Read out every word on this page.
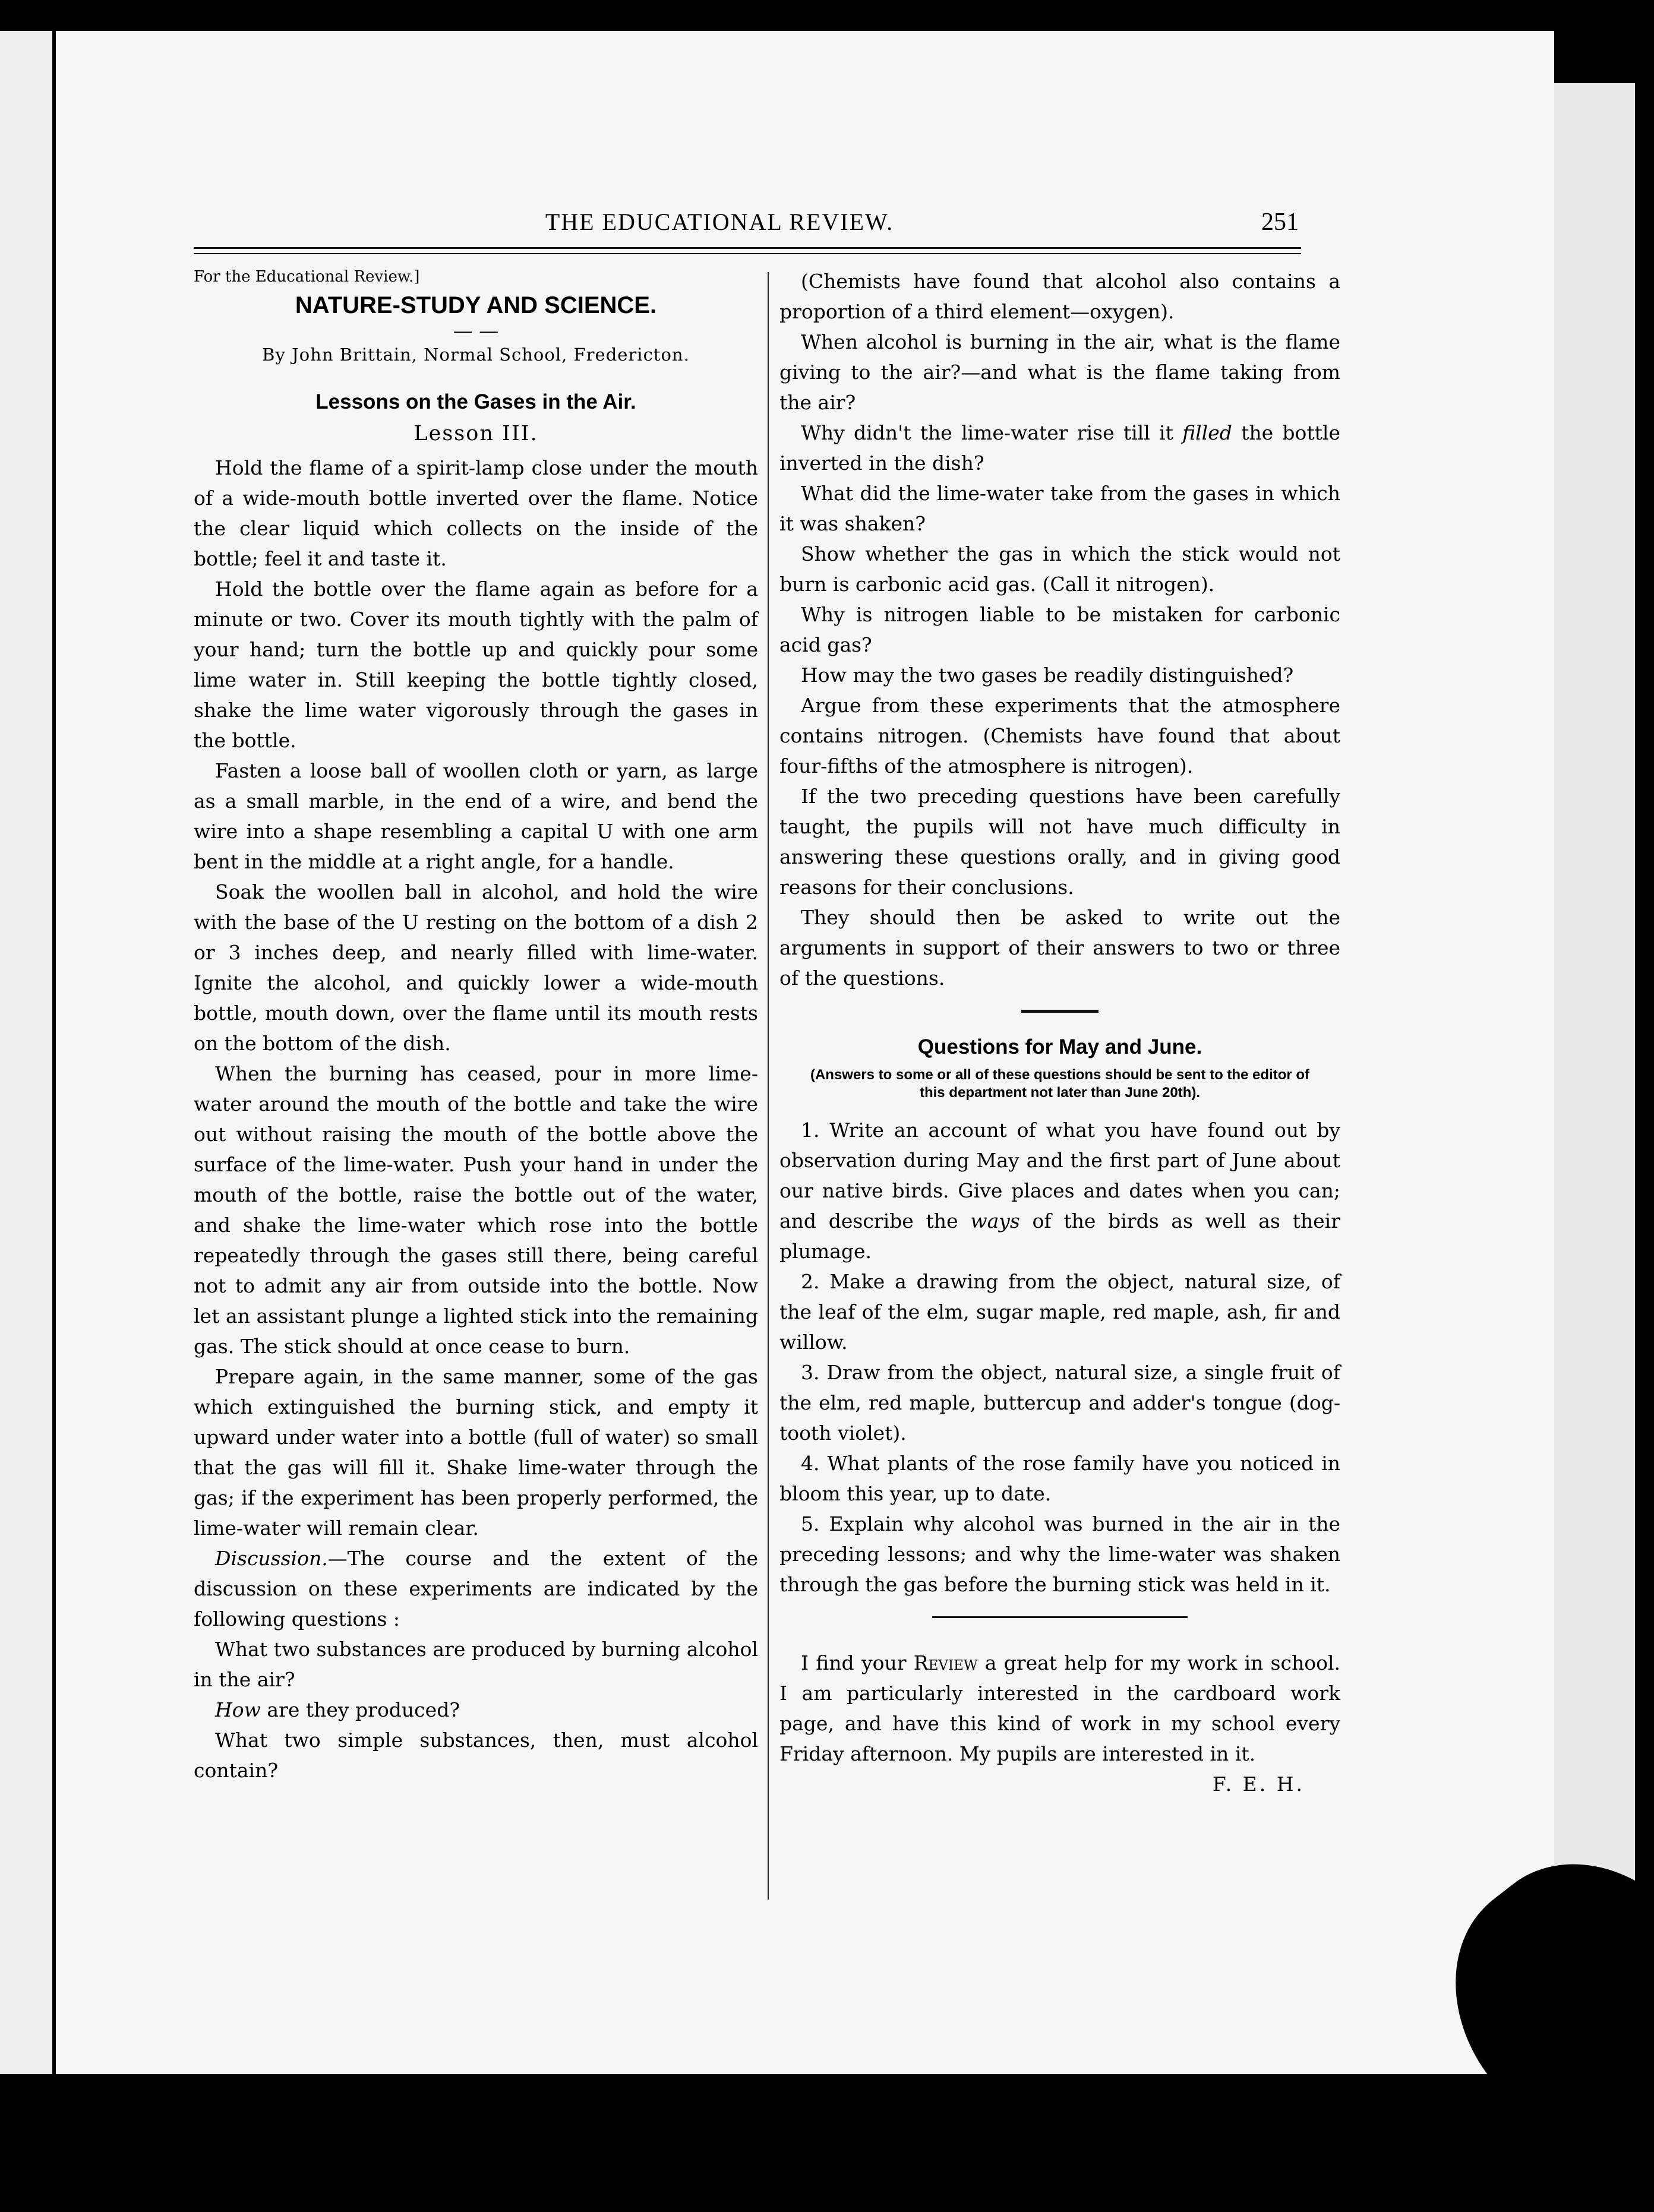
THE EDUCATIONAL REVIEW.	251

For the Educational Review.]

NATURE-STUDY AND SCIENCE.

— —

By John Brittain, Normal School, Fredericton.

Lessons on the Gases in the Air.

Lesson III.

Hold the flame of a spirit-lamp close under the mouth of a wide-mouth bottle inverted over the flame. Notice the clear liquid which collects on the inside of the bottle; feel it and taste it.

Hold the bottle over the flame again as before for a minute or two. Cover its mouth tightly with the palm of your hand; turn the bottle up and quickly pour some lime water in. Still keeping the bottle tightly closed, shake the lime water vigorously through the gases in the bottle.

Fasten a loose ball of woollen cloth or yarn, as large as a small marble, in the end of a wire, and bend the wire into a shape resembling a capital U with one arm bent in the middle at a right angle, for a handle.

Soak the woollen ball in alcohol, and hold the wire with the base of the U resting on the bottom of a dish 2 or 3 inches deep, and nearly filled with lime-water. Ignite the alcohol, and quickly lower a wide-mouth bottle, mouth down, over the flame until its mouth rests on the bottom of the dish.

When the burning has ceased, pour in more lime-water around the mouth of the bottle and take the wire out without raising the mouth of the bottle above the surface of the lime-water. Push your hand in under the mouth of the bottle, raise the bottle out of the water, and shake the lime-water which rose into the bottle repeatedly through the gases still there, being careful not to admit any air from outside into the bottle. Now let an assistant plunge a lighted stick into the remaining gas. The stick should at once cease to burn.

Prepare again, in the same manner, some of the gas which extinguished the burning stick, and empty it upward under water into a bottle (full of water) so small that the gas will fill it. Shake lime-water through the gas; if the experiment has been properly performed, the lime-water will remain clear.

Discussion.—The course and the extent of the discussion on these experiments are indicated by the following questions :

What two substances are produced by burning alcohol in the air?

How are they produced?

What two simple substances, then, must alcohol contain?

(Chemists have found that alcohol also contains a proportion of a third element—oxygen).

When alcohol is burning in the air, what is the flame giving to the air?—and what is the flame taking from the air?

Why didn't the lime-water rise till it filled the bottle inverted in the dish?

What did the lime-water take from the gases in which it was shaken?

Show whether the gas in which the stick would not burn is carbonic acid gas. (Call it nitrogen).

Why is nitrogen liable to be mistaken for carbonic acid gas?

How may the two gases be readily distinguished?

Argue from these experiments that the atmosphere contains nitrogen. (Chemists have found that about four-fifths of the atmosphere is nitrogen).

If the two preceding questions have been carefully taught, the pupils will not have much difficulty in answering these questions orally, and in giving good reasons for their conclusions.

They should then be asked to write out the arguments in support of their answers to two or three of the questions.

Questions for May and June.

(Answers to some or all of these questions should be sent to the editor of this department not later than June 20th).

1. Write an account of what you have found out by observation during May and the first part of June about our native birds. Give places and dates when you can; and describe the ways of the birds as well as their plumage.

2. Make a drawing from the object, natural size, of the leaf of the elm, sugar maple, red maple, ash, fir and willow.

3. Draw from the object, natural size, a single fruit of the elm, red maple, buttercup and adder's tongue (dog-tooth violet).

4. What plants of the rose family have you noticed in bloom this year, up to date.

5. Explain why alcohol was burned in the air in the preceding lessons; and why the lime-water was shaken through the gas before the burning stick was held in it.

I find your Review a great help for my work in school. I am particularly interested in the cardboard work page, and have this kind of work in my school every Friday afternoon. My pupils are interested in it.

F. E. H.
